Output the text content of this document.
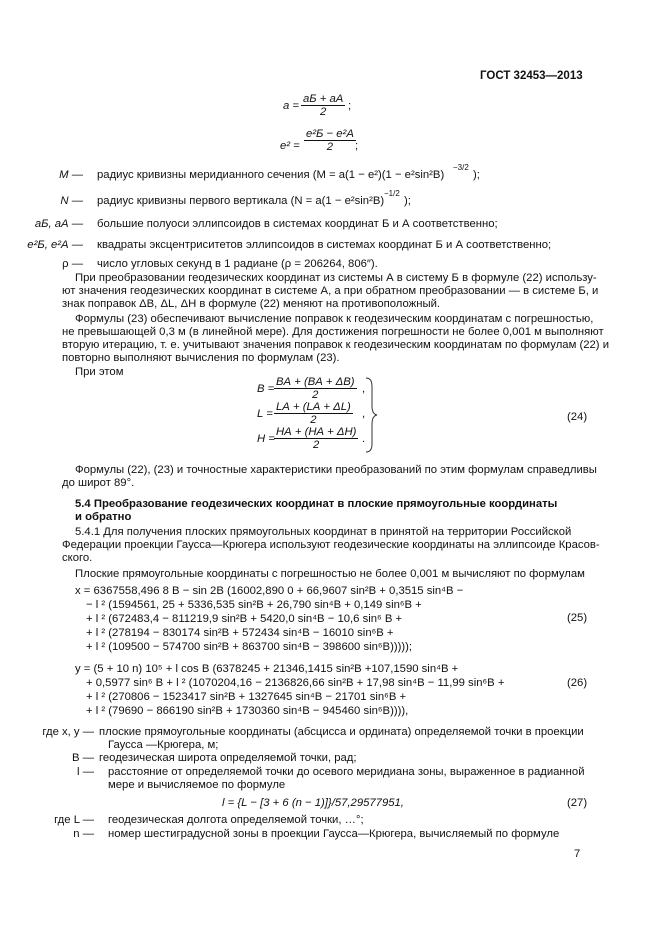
ГОСТ 32453—2013
a =
aБ + aА
2	;
e² =
e²Б − e²А
2	;
M — радиус кривизны меридианного сечения (M = a(1 − e²)(1 − e²sin²B)
−3/2
);
N — радиус кривизны первого вертикала (N = a(1 − e²sin²B)
−1/2
);
aБ, aА — большие полуоси эллипсоидов в системах координат Б и А соответственно;
e²Б, e²А — квадраты эксцентриситетов эллипсоидов в системах координат Б и А соответственно;
ρ — число угловых секунд в 1 радиане (ρ = 206264, 806″).
При преобразовании геодезических координат из системы А в систему Б в формуле (22) использу-
ют значения геодезических координат в системе А, а при обратном преобразовании — в системе Б, и
знак поправок ΔB, ΔL, ΔH в формуле (22) меняют на противоположный.
Формулы (23) обеспечивают вычисление поправок к геодезическим координатам с погрешностью,
не превышающей 0,3 м (в линейной мере). Для достижения погрешности не более 0,001 м выполняют
вторую итерацию, т. е. учитывают значения поправок к геодезическим координатам по формулам (22) и
повторно выполняют вычисления по формулам (23).
При этом
B =
BА + (BА + ΔB)
2	,
L =
LА + (LА + ΔL)
2	,
H =
HА + (HА + ΔH)
2	.
(24)
Формулы (22), (23) и точностные характеристики преобразований по этим формулам справедливы
до широт 89°.
5.4 Преобразование геодезических координат в плоские прямоугольные координаты
и обратно
5.4.1 Для получения плоских прямоугольных координат в принятой на территории Российской
Федерации проекции Гаусса—Крюгера используют геодезические координаты на эллипсоиде Красов-
ского.
Плоские прямоугольные координаты с погрешностью не более 0,001 м вычисляют по формулам
x = 6367558,496 8 B − sin 2B (16002,890 0 + 66,9607 sin²B + 0,3515 sin⁴B −
− l ² (1594561, 25 + 5336,535 sin²B + 26,790 sin⁴B + 0,149 sin⁶B +
+ l ² (672483,4 − 811219,9 sin²B + 5420,0 sin⁴B − 10,6 sin⁶ B +
+ l ² (278194 − 830174 sin²B + 572434 sin⁴B − 16010 sin⁶B +
+ l ² (109500 − 574700 sin²B + 863700 sin⁴B − 398600 sin⁶B)))));
(25)
y = (5 + 10 n) 10⁵ + l cos B (6378245 + 21346,1415 sin²B +107,1590 sin⁴B +
+ 0,5977 sin⁶ B + l ² (1070204,16 − 2136826,66 sin²B + 17,98 sin⁴B − 11,99 sin⁶B +
+ l ² (270806 − 1523417 sin²B + 1327645 sin⁴B − 21701 sin⁶B +
+ l ² (79690 − 866190 sin²B + 1730360 sin⁴B − 945460 sin⁶B)))),
(26)
где x, y — плоские прямоугольные координаты (абсцисса и ордината) определяемой точки в проекции
Гаусса —Крюгера, м;
B — геодезическая широта определяемой точки, рад;
l — расстояние от определяемой точки до осевого меридиана зоны, выраженное в радианной
мере и вычисляемое по формуле
l = {L − [3 + 6 (n − 1)]}/57,29577951,	(27)
где L — геодезическая долгота определяемой точки, …°;
n — номер шестиградусной зоны в проекции Гаусса—Крюгера, вычисляемый по формуле
7
